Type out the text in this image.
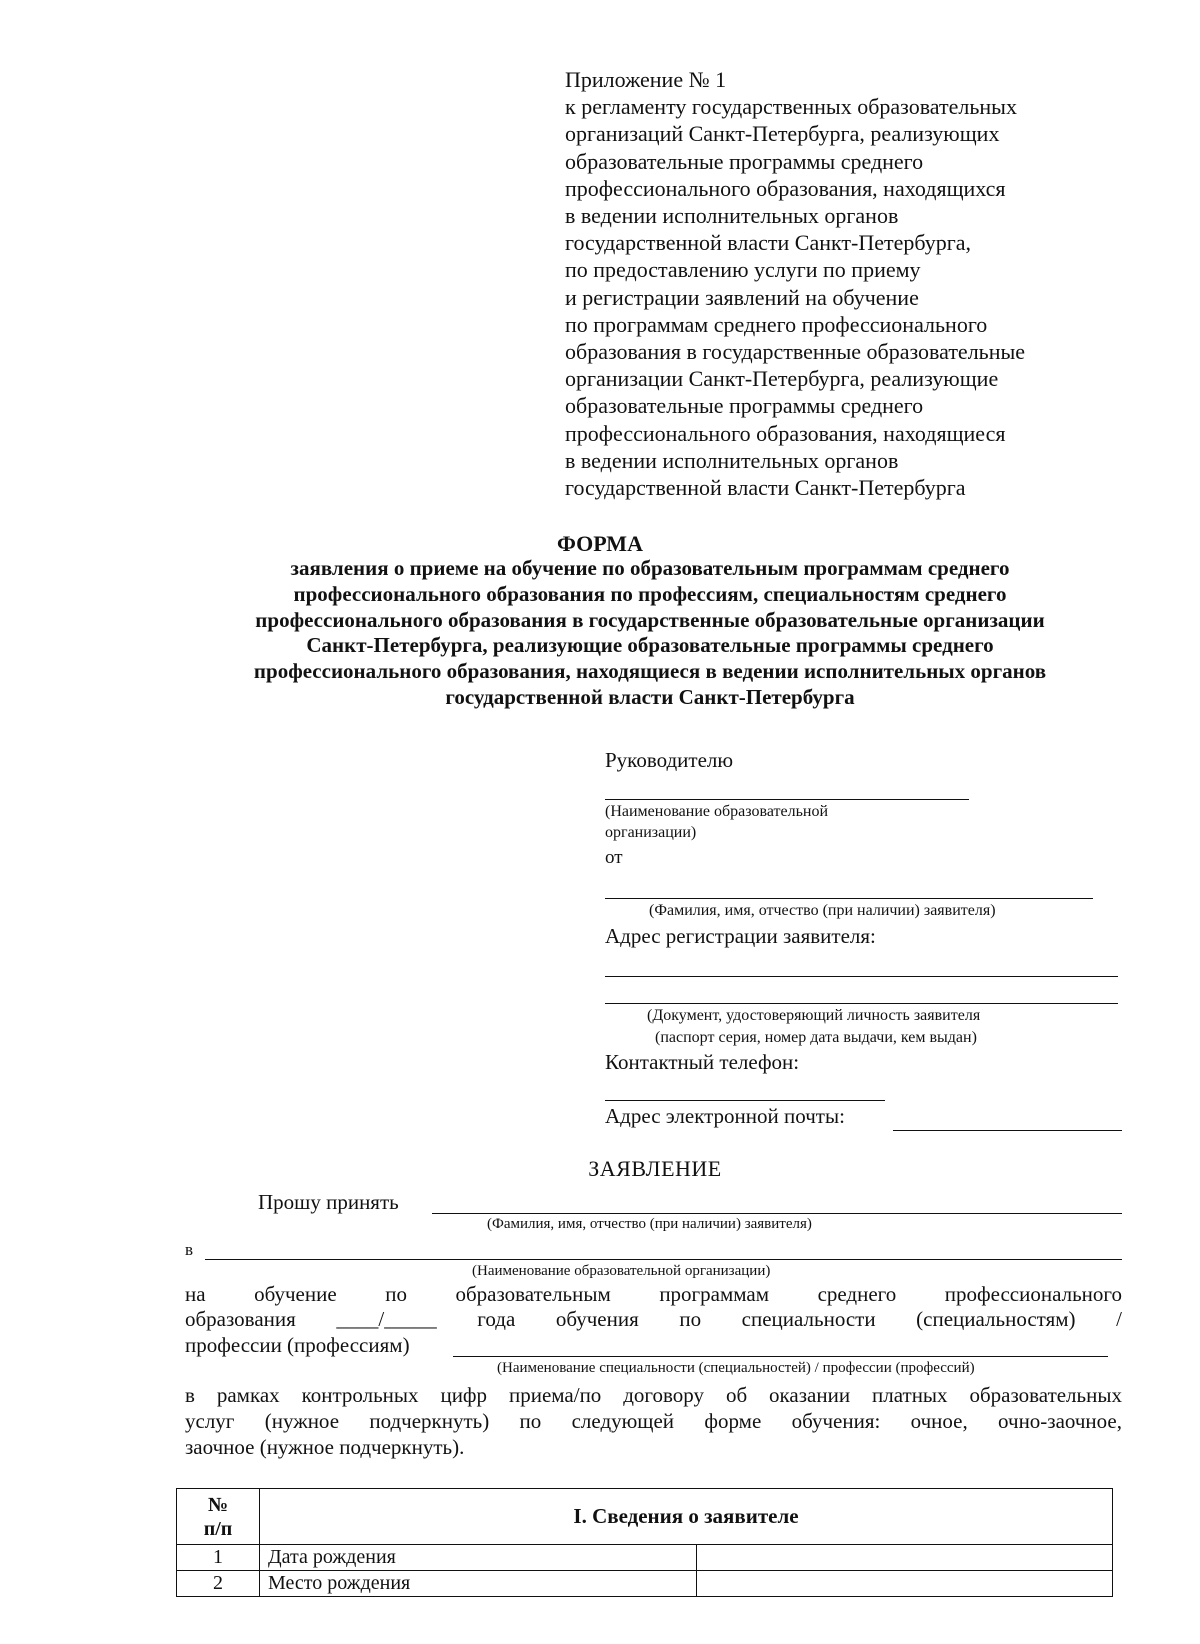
Приложение № 1
к регламенту государственных образовательных
организаций Санкт-Петербурга, реализующих
образовательные программы среднего
профессионального образования, находящихся
в ведении исполнительных органов
государственной власти Санкт-Петербурга,
по предоставлению услуги по приему
и регистрации заявлений на обучение
по программам среднего профессионального
образования в государственные образовательные
организации Санкт-Петербурга, реализующие
образовательные программы среднего
профессионального образования, находящиеся
в ведении исполнительных органов
государственной власти Санкт-Петербурга
ФОРМА
заявления о приеме на обучение по образовательным программам среднего
профессионального образования по профессиям, специальностям среднего
профессионального образования в государственные образовательные организации
Санкт-Петербурга, реализующие образовательные программы среднего
профессионального образования, находящиеся в ведении исполнительных органов
государственной власти Санкт-Петербурга
Руководителю
(Наименование образовательной
организации)
от
(Фамилия, имя, отчество (при наличии) заявителя)
Адрес регистрации заявителя:
(Документ, удостоверяющий личность заявителя
(паспорт серия, номер дата выдачи, кем выдан)
Контактный телефон:
Адрес электронной почты:
ЗАЯВЛЕНИЕ
Прошу принять
(Фамилия, имя, отчество (при наличии) заявителя)
в
(Наименование образовательной организации)
на обучение по образовательным программам среднего профессионального
образования ____/_____ года обучения по специальности (специальностям) /
профессии (профессиям)
(Наименование специальности (специальностей) / профессии (профессий)
в рамках контрольных цифр приема/по договору об оказании платных образовательных
услуг (нужное подчеркнуть) по следующей форме обучения: очное, очно-заочное,
заочное (нужное подчеркнуть).
№
п/п	I. Сведения о заявителе	
1	Дата рождения	
2	Место рождения	
